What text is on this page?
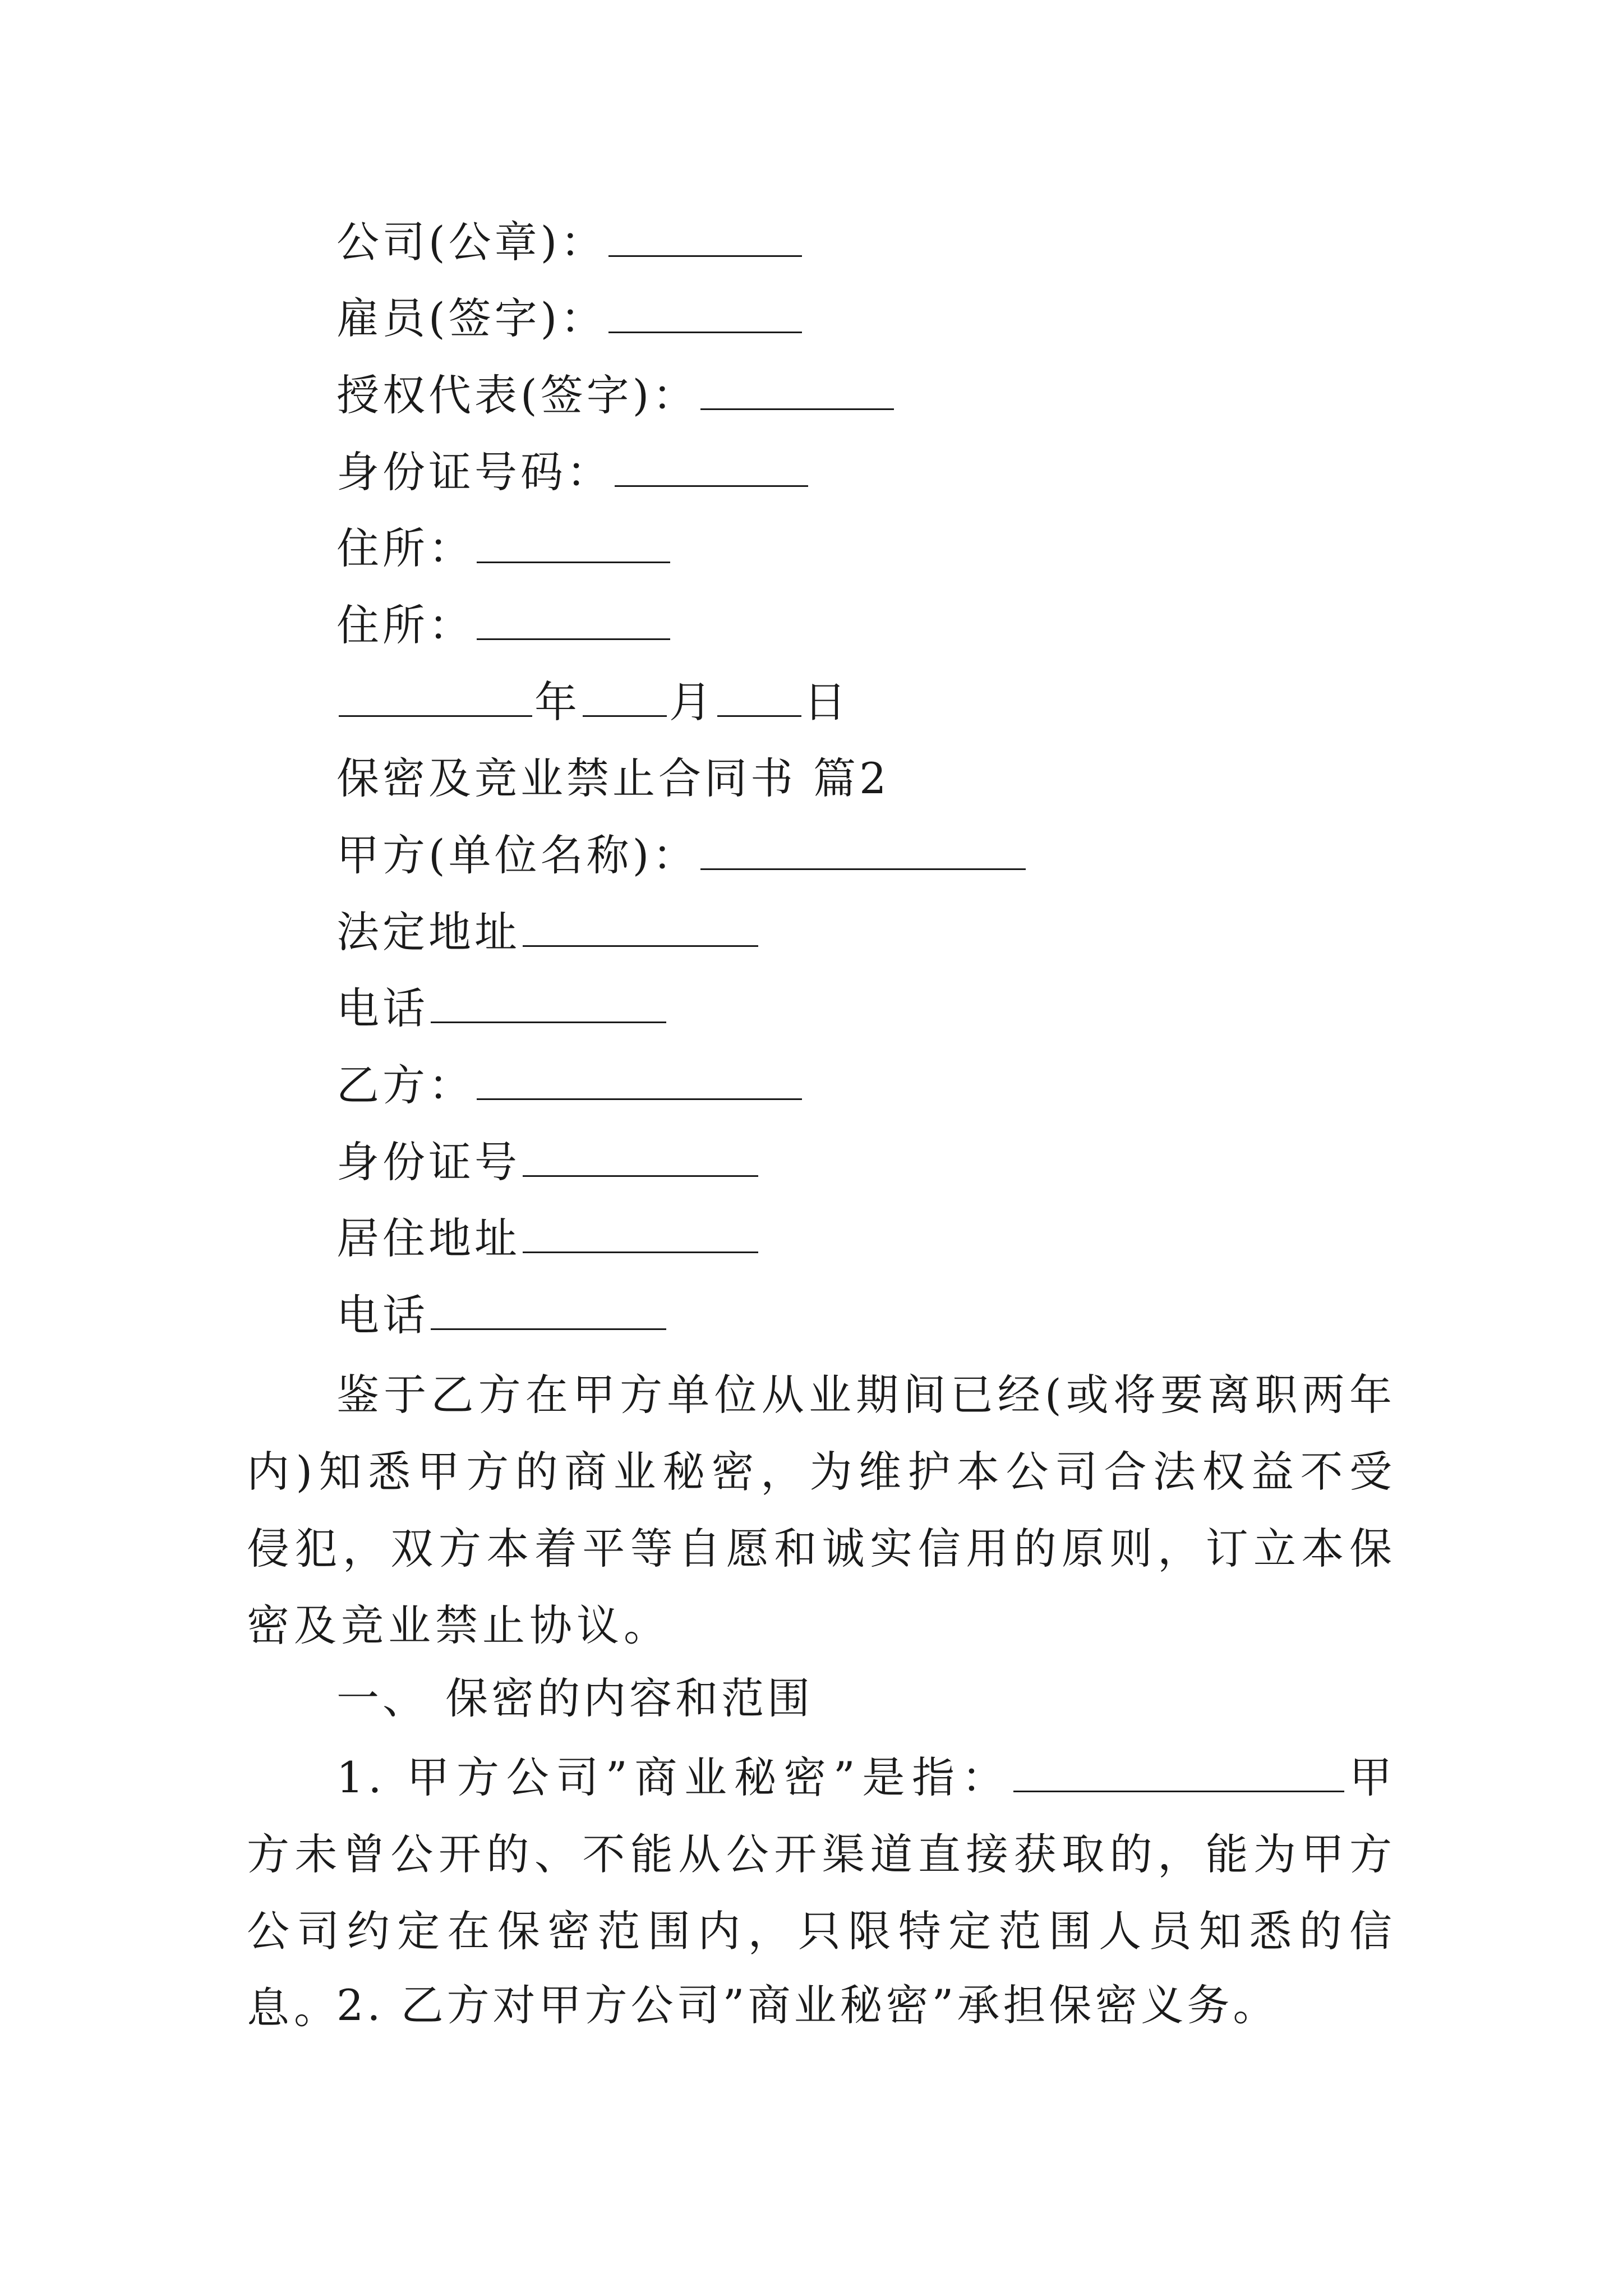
公司(公章)：
雇员(签字)：
授权代表(签字)：
身份证号码：
住所：
住所：
年 月 日
保密及竞业禁止合同书 篇2
甲方(单位名称)：
法定地址
电话
乙方：
身份证号
居住地址
电话

鉴于乙方在甲方单位从业期间已经(或将要离职两年内)知悉甲方的商业秘密，为维护本公司合法权益不受侵犯，双方本着平等自愿和诚实信用的原则，订立本保密及竞业禁止协议。

一、 保密的内容和范围

1. 甲方公司”商业秘密”是指：	甲方未曾公开的、不能从公开渠道直接获取的，能为甲方公司约定在保密范围内，只限特定范围人员知悉的信息。

2. 乙方对甲方公司”商业秘密”承担保密义务。
